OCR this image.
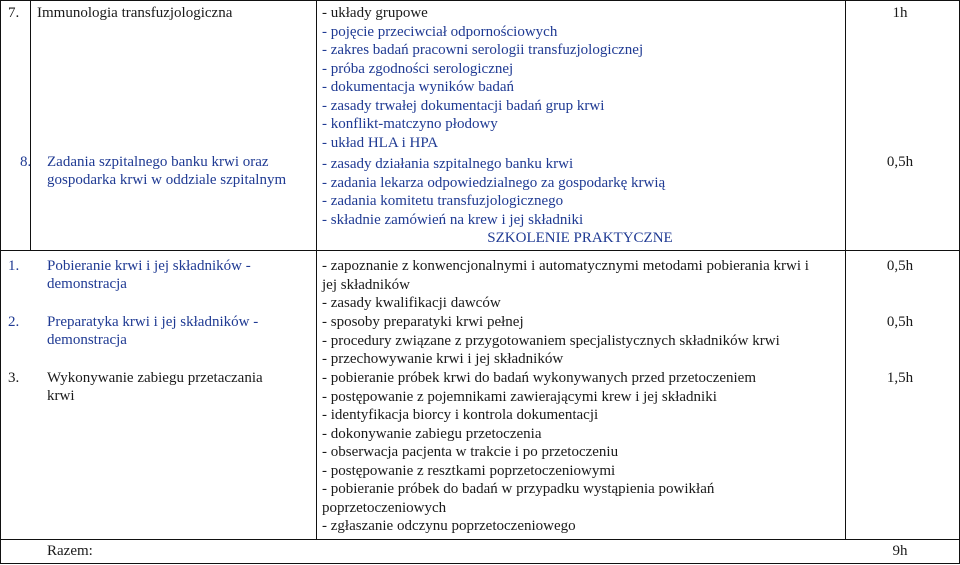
7. Immunologia transfuzjologiczna	- układy grupowe
- pojęcie przeciwciał odpornościowych
- zakres badań pracowni serologii transfuzjologicznej
- próba zgodności serologicznej
- dokumentacja wyników badań
- zasady trwałej dokumentacji badań grup krwi
- konflikt-matczyno płodowy
- układ HLA i HPA
1h
8. Zadania szpitalnego banku krwi oraz
gospodarka krwi w oddziale szpitalnym
- zasady działania szpitalnego banku krwi
- zadania lekarza odpowiedzialnego za gospodarkę krwią
- zadania komitetu transfuzjologicznego
- składnie zamówień na krew i jej składniki
0,5h
SZKOLENIE PRAKTYCZNE
1. Pobieranie krwi i jej składników -
demonstracja
- zapoznanie z konwencjonalnymi i automatycznymi metodami pobierania krwi i
jej składników
- zasady kwalifikacji dawców
0,5h
2. Preparatyka krwi i jej składników -
demonstracja
- sposoby preparatyki krwi pełnej
- procedury związane z przygotowaniem specjalistycznych składników krwi
- przechowywanie krwi i jej składników
0,5h
3. Wykonywanie zabiegu przetaczania
krwi
- pobieranie próbek krwi do badań wykonywanych przed przetoczeniem
- postępowanie z pojemnikami zawierającymi krew i jej składniki
- identyfikacja biorcy i kontrola dokumentacji
- dokonywanie zabiegu przetoczenia
- obserwacja pacjenta w trakcie i po przetoczeniu
- postępowanie z resztkami poprzetoczeniowymi
- pobieranie próbek do badań w przypadku wystąpienia powikłań
poprzetoczeniowych
- zgłaszanie odczynu poprzetoczeniowego
1,5h
Razem:	9h
